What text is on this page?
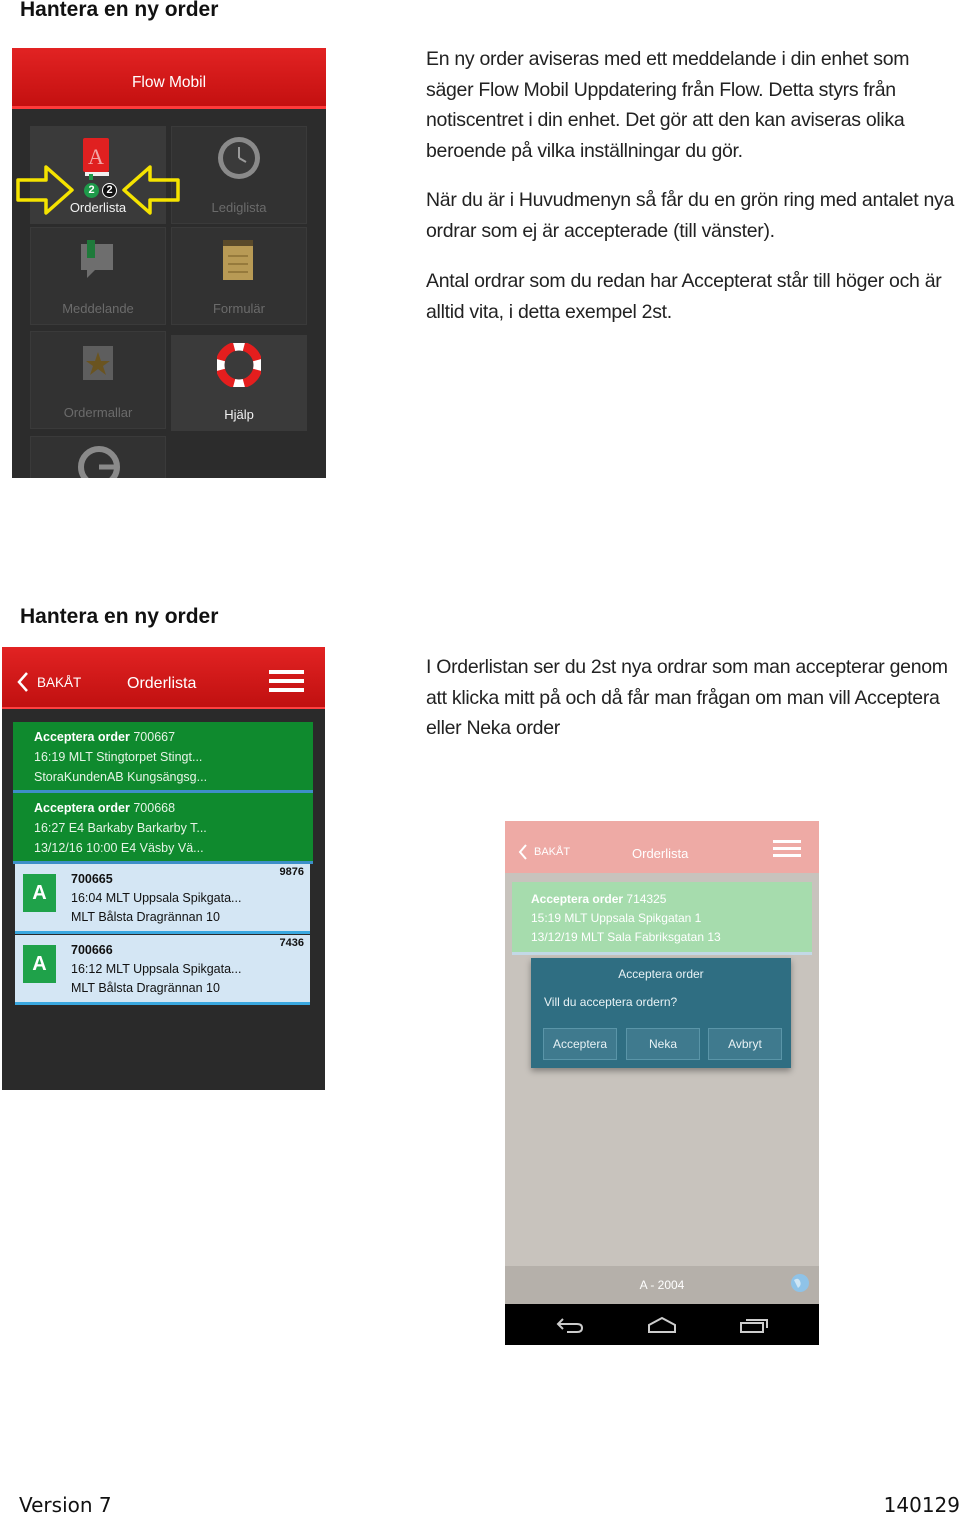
Hantera en ny order
En ny order aviseras med ett meddelande i din enhet som säger Flow Mobil Uppdatering från Flow. Detta styrs från notiscentret i din enhet. Det gör att den kan aviseras olika beroende på vilka inställningar du gör.
När du är i Huvudmenyn så får du en grön ring med antalet nya ordrar som ej är accepterade (till vänster).
Antal ordrar som du redan har Accepterat står till höger och är alltid vita, i detta exempel 2st.
Flow Mobil
A
2	2
Orderlista	Lediglista
Meddelande	Formulär
Ordermallar	Hjälp
Hantera en ny order
I Orderlistan ser du 2st nya ordrar som man accepterar genom att klicka mitt på och då får man frågan om man vill Acceptera eller Neka order
BAKÅT	Orderlista
Acceptera order 700667
16:19 MLT Stingtorpet Stingt...
StoraKundenAB Kungsängsg...
Acceptera order 700668
16:27 E4 Barkaby Barkarby T...
13/12/16 10:00 E4 Väsby Vä...
A
700665	9876
16:04 MLT Uppsala Spikgata...
MLT Bålsta Dragrännan 10
A
700666	7436
16:12 MLT Uppsala Spikgata...
MLT Bålsta Dragrännan 10
BAKÅT	Orderlista
Acceptera order 714325
15:19 MLT Uppsala Spikgatan 1
13/12/19 MLT Sala Fabriksgatan 13
Acceptera order
Vill du acceptera ordern?
Acceptera	Neka	Avbryt
A - 2004
Version 7	140129
